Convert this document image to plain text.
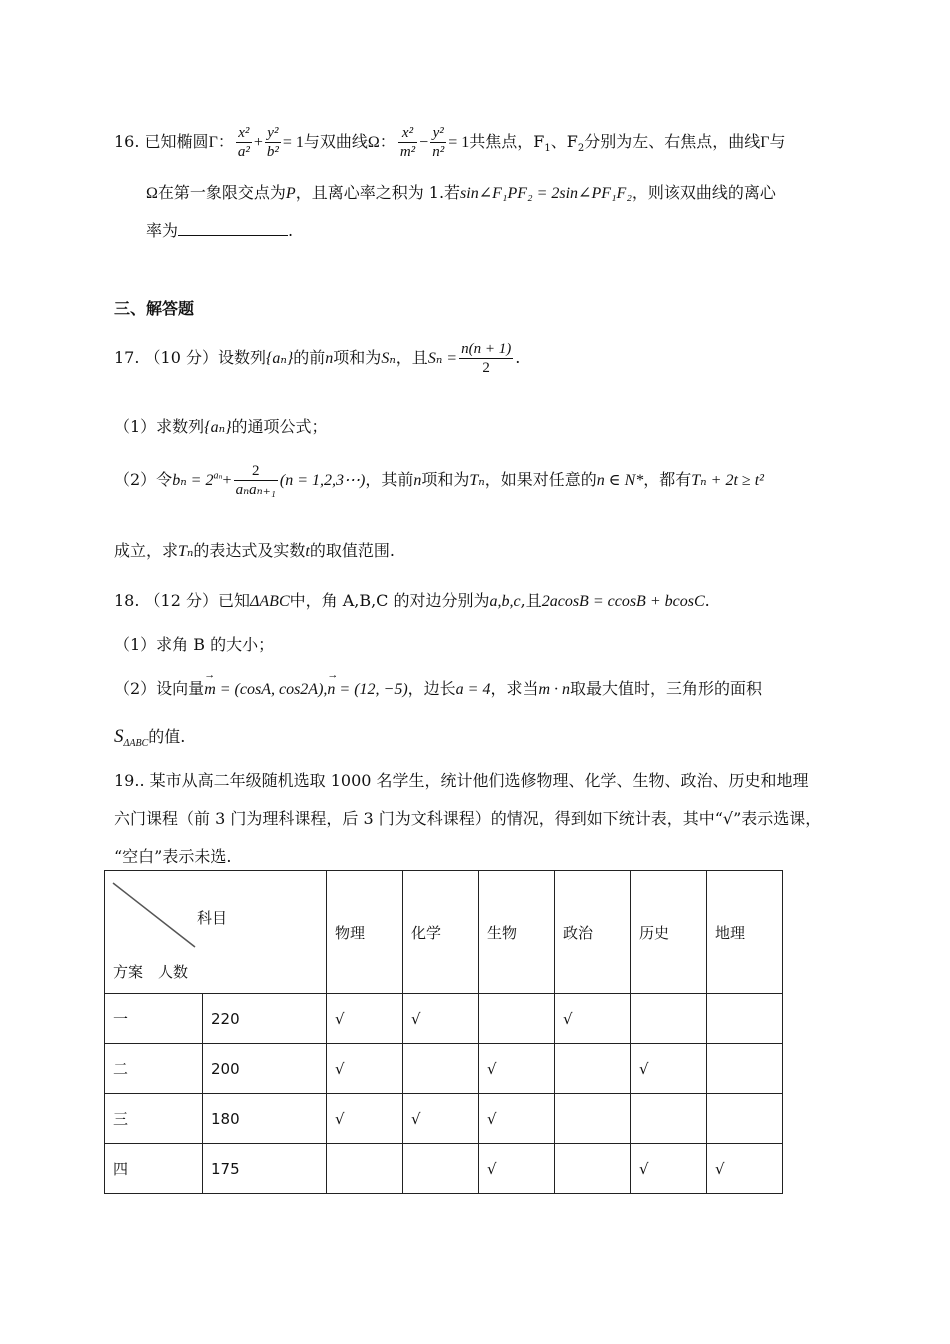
16. 已知椭圆Γ： $\frac{\text{x²}}{\text{a²}} + \frac{\text{y²}}{\text{b²}} = 1$与双曲线Ω： $\frac{\text{x²}}{\text{m²}} - \frac{\text{y²}}{\text{n²}} = 1$共焦点，$F_1$、$F_2$分别为左、右焦点，曲线Γ与
Ω在第一象限交点为P，且离心率之积为 1.若sin∠F₁PF₂ = 2sin∠PF₁F₂，则该双曲线的离心
率为	.
三、解答题
17. （10 分）设数列{aₙ}的前n项和为Sₙ，且$S_n = \frac{n(n + 1)}{2}$ .
（1）求数列{aₙ}的通项公式；
（2）令$b_n = 2^{a_n}+ \frac{2}{\text{aₙaₙ₊₁}} (n$ = 1,2,3⋯)，其前n项和为Tₙ，如果对任意的n ∈ N*，都有Tₙ + 2t ≥ t²
成立，求Tₙ的表达式及实数t的取值范围.
18. （12 分）已知ΔABC中，角 A,B,C 的对边分别为a,b,c,且2acosB = ccosB + bcosC.
（1）求角 B 的大小；
（2）设向量→ m = (cosA, cos2A),→ n = (12, −5)，边长a = 4，求当m · n取最大值时，三角形的面积
$S_{\Delta ABC}$的值.
19.. 某市从高二年级随机选取 1000 名学生，统计他们选修物理、化学、生物、政治、历史和地理
六门课程（前 3 门为理科课程，后 3 门为文科课程）的情况，得到如下统计表，其中“√”表示选课，
“空白”表示未选.
科目
方案　人数		物理	化学	生物	政治	历史	地理
一	220	√	√		√		
二	200	√		√		√	
三	180	√	√	√			
四	175			√		√	√
